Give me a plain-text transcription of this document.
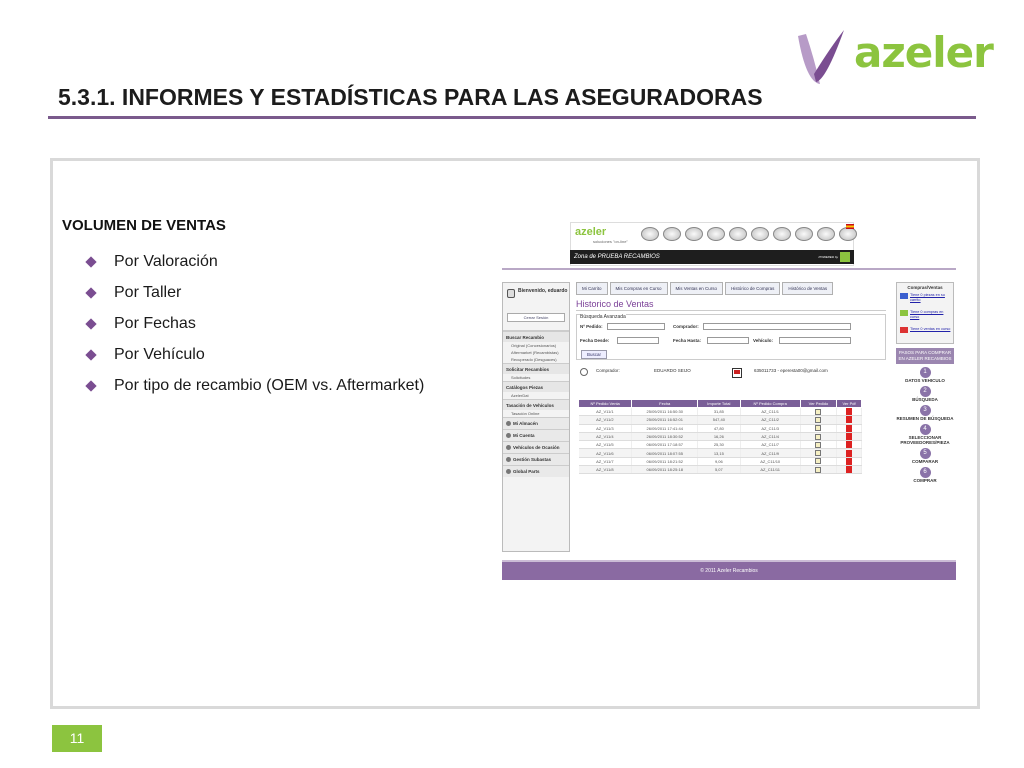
azeler
5.3.1. INFORMES Y ESTADÍSTICAS PARA LAS ASEGURADORAS
VOLUMEN DE VENTAS
Por Valoración
Por Taller
Por Fechas
Por Vehículo
Por tipo de recambio (OEM vs. Aftermarket)
azeler
soluciones "on-line"
Zona de PRUEBA RECAMBIOS	POWERED by
Bienvenido, eduardo
Cerrar Sesión
Buscar Recambio
Original (Concesionarios)
Aftermarket (Recambistas)
Recuperado (Desguaces)
Solicitar Recambios
Solicitudes
Catálogos Piezas
AzelerDat
Tasación de Vehículos
Tasación Online
Mi Almacén
Mi Cuenta
Vehículos de Ocasión
Gestión Subastas
Global Parts
Mi Carrito	Mis Compras en Curso	Mis Ventas en Curso	Histórico de Compras	Histórico de Ventas
Historico de Ventas
Búsqueda Avanzada
Nº Pedido:	Comprador:
Fecha Desde:	Fecha Hasta:	Vehículo:
Buscar
Comprador:	EDUARDO SEIJO	635011733 - eperesta00@gmail.com
Nº Pedido Venta	Fecha	Importe Total	Nº Pedido Compra	Ver Pedido	Ver Pdf
AZ_V11/1	25/09/2011 16:50:30	31,85	AZ_C11/1		
AZ_V11/2	25/09/2011 16:52:01	547,40	AZ_C11/2		
AZ_V11/3	26/09/2011 17:41:44	47,80	AZ_C11/3		
AZ_V11/4	26/09/2011 18:30:52	16,26	AZ_C11/4		
AZ_V11/5	06/09/2011 17:18:57	25,30	AZ_C11/7		
AZ_V11/6	06/09/2011 18:07:55	13,15	AZ_C11/9		
AZ_V11/7	06/09/2011 18:21:52	9,06	AZ_C11/10		
AZ_V11/8	06/09/2011 18:25:18	5,07	AZ_C11/11		
Compras/Ventas
Tiene 0 piezas en su carrito
Tiene 0 compras en curso
Tiene 0 ventas en curso
PASOS PARA COMPRAR EN AZELER RECAMBIOS
1
DATOS VEHICULO
2
BÚSQUEDA
3
RESUMEN DE BÚSQUEDA
4
SELECCIONAR PROVEEDORES/PIEZA
5
COMPARAR
6
COMPRAR
© 2011 Azeler Recambios
11
